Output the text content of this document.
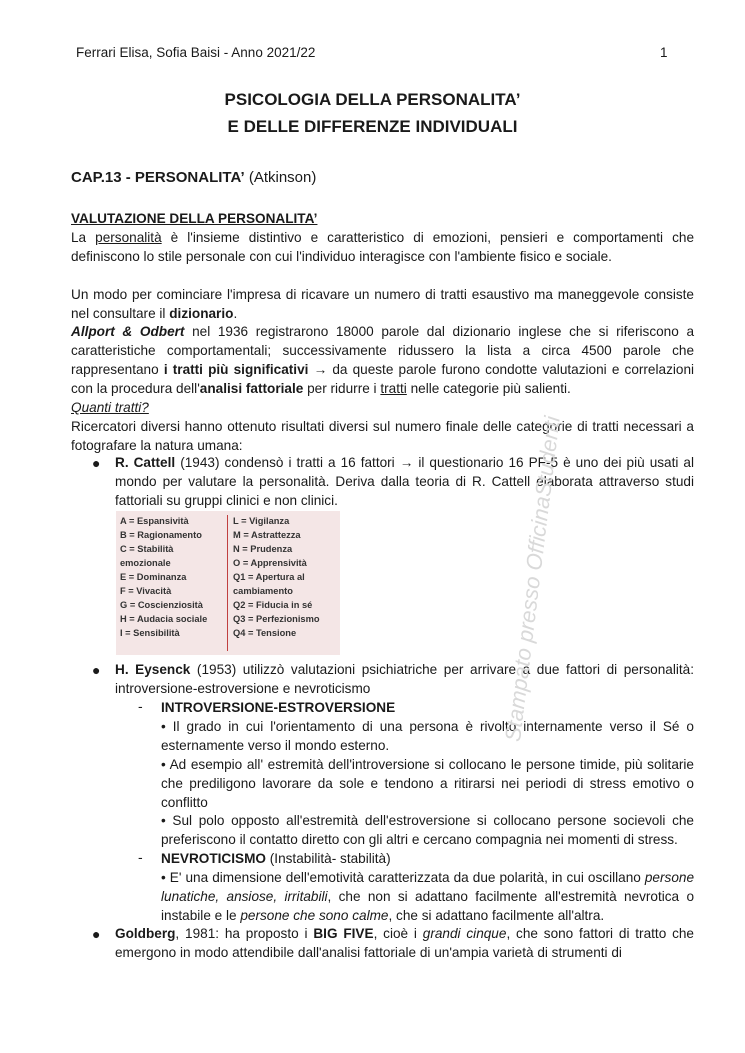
Ferrari Elisa, Sofia Baisi - Anno 2021/22	1
PSICOLOGIA DELLA PERSONALITA’
E DELLE DIFFERENZE INDIVIDUALI
CAP.13 - PERSONALITA’ (Atkinson)
VALUTAZIONE DELLA PERSONALITA’
La personalità è l'insieme distintivo e caratteristico di emozioni, pensieri e comportamenti che definiscono lo stile personale con cui l'individuo interagisce con l'ambiente fisico e sociale.
Un modo per cominciare l'impresa di ricavare un numero di tratti esaustivo ma maneggevole consiste nel consultare il dizionario.
Allport & Odbert nel 1936 registrarono 18000 parole dal dizionario inglese che si riferiscono a caratteristiche comportamentali; successivamente ridussero la lista a circa 4500 parole che rappresentano i tratti più significativi → da queste parole furono condotte valutazioni e correlazioni con la procedura dell'analisi fattoriale per ridurre i tratti nelle categorie più salienti.
Quanti tratti?
Ricercatori diversi hanno ottenuto risultati diversi sul numero finale delle categorie di tratti necessari a fotografare la natura umana:
● R. Cattell (1943) condensò i tratti a 16 fattori → il questionario 16 PF-5 è uno dei più usati al mondo per valutare la personalità. Deriva dalla teoria di R. Cattell elaborata attraverso studi fattoriali su gruppi clinici e non clinici.
A = Espansività
B = Ragionamento
C = Stabilità
emozionale
E = Dominanza
F = Vivacità
G = Coscienziosità
H = Audacia sociale
I = Sensibilità
L = Vigilanza
M = Astrattezza
N = Prudenza
O = Apprensività
Q1 = Apertura al
cambiamento
Q2 = Fiducia in sé
Q3 = Perfezionismo
Q4 = Tensione
● H. Eysenck (1953) utilizzò valutazioni psichiatriche per arrivare a due fattori di personalità: introversione-estroversione e nevroticismo
- INTROVERSIONE-ESTROVERSIONE
• Il grado in cui l'orientamento di una persona è rivolto internamente verso il Sé o esternamente verso il mondo esterno.
• Ad esempio all' estremità dell'introversione si collocano le persone timide, più solitarie che prediligono lavorare da sole e tendono a ritirarsi nei periodi di stress emotivo o conflitto
• Sul polo opposto all'estremità dell'estroversione si collocano persone socievoli che preferiscono il contatto diretto con gli altri e cercano compagnia nei momenti di stress.
- NEVROTICISMO (Instabilità- stabilità)
• E' una dimensione dell'emotività caratterizzata da due polarità, in cui oscillano persone lunatiche, ansiose, irritabili, che non si adattano facilmente all'estremità nevrotica o instabile e le persone che sono calme, che si adattano facilmente all'altra.
● Goldberg, 1981: ha proposto i BIG FIVE, cioè i grandi cinque, che sono fattori di tratto che emergono in modo attendibile dall'analisi fattoriale di un'ampia varietà di strumenti di
Stampato presso OfficinaStudenti
